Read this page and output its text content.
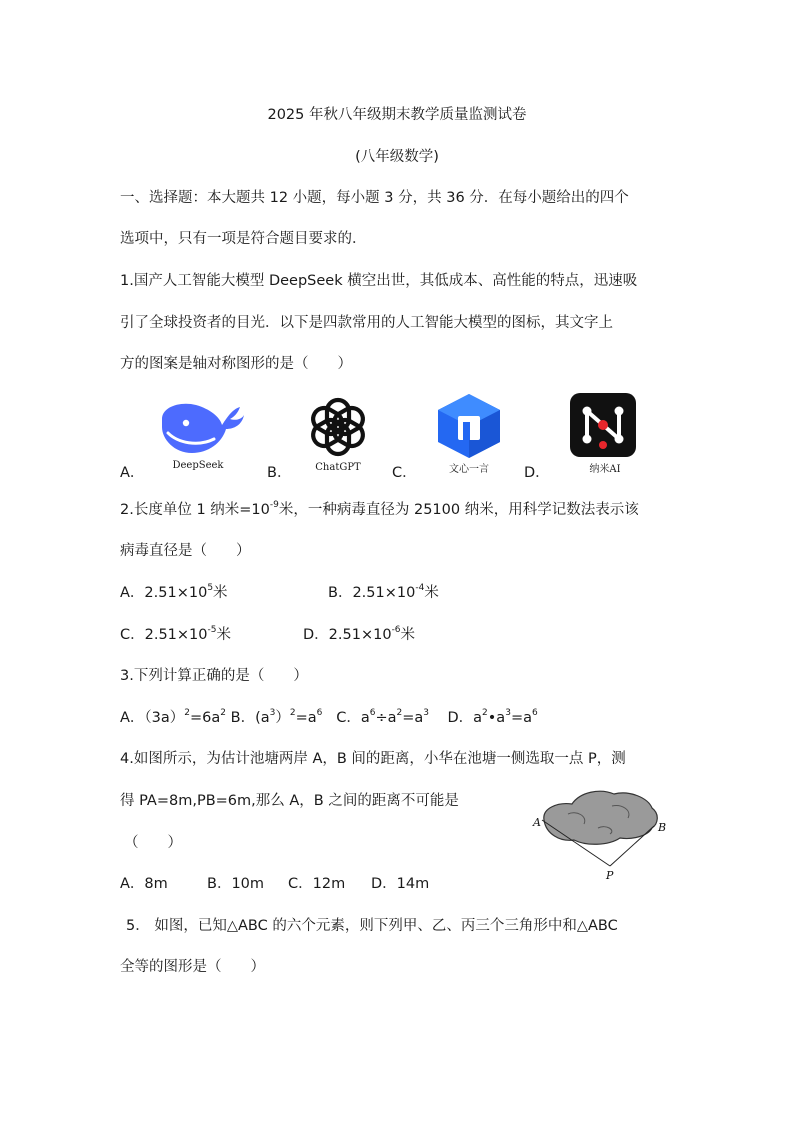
2025 年秋八年级期末教学质量监测试卷
(八年级数学)
一、选择题：本大题共 12 小题，每小题 3 分，共 36 分．在每小题给出的四个
选项中，只有一项是符合题目要求的．
1.国产人工智能大模型 DeepSeek 横空出世，其低成本、高性能的特点，迅速吸
引了全球投资者的目光．以下是四款常用的人工智能大模型的图标，其文字上
方的图案是轴对称图形的是（　　）
A．	DeepSeek	B．	ChatGPT	C．	文心一言	D．	纳米AI
2.长度单位 1 纳米$=10^{-9}$米，一种病毒直径为 25100 纳米，用科学记数法表示该
病毒直径是（　　）
A．$2.51\times 10^5$米	B．$2.51\times 10^{-4}$米
C．$2.51\times 10^{-5}$米	D．$2.51\times 10^{-6}$米
3.下列计算正确的是（　　）
A．$(3a)^2=6a^2$ B．$(a^3)^2=a^6$ C．$a^6\div a^2=a^3$ D．$a^2•a^3=a^6$
4.如图所示，为估计池塘两岸 A，B 间的距离，小华在池塘一侧选取一点 P，测
得 PA=8m,PB=6m,那么 A，B 之间的距离不可能是
（　　）
A．8m	B．10m C．12m D．14m
A	B
P
5． 如图，已知△ABC 的六个元素，则下列甲、乙、丙三个三角形中和△ABC
全等的图形是（　　）
